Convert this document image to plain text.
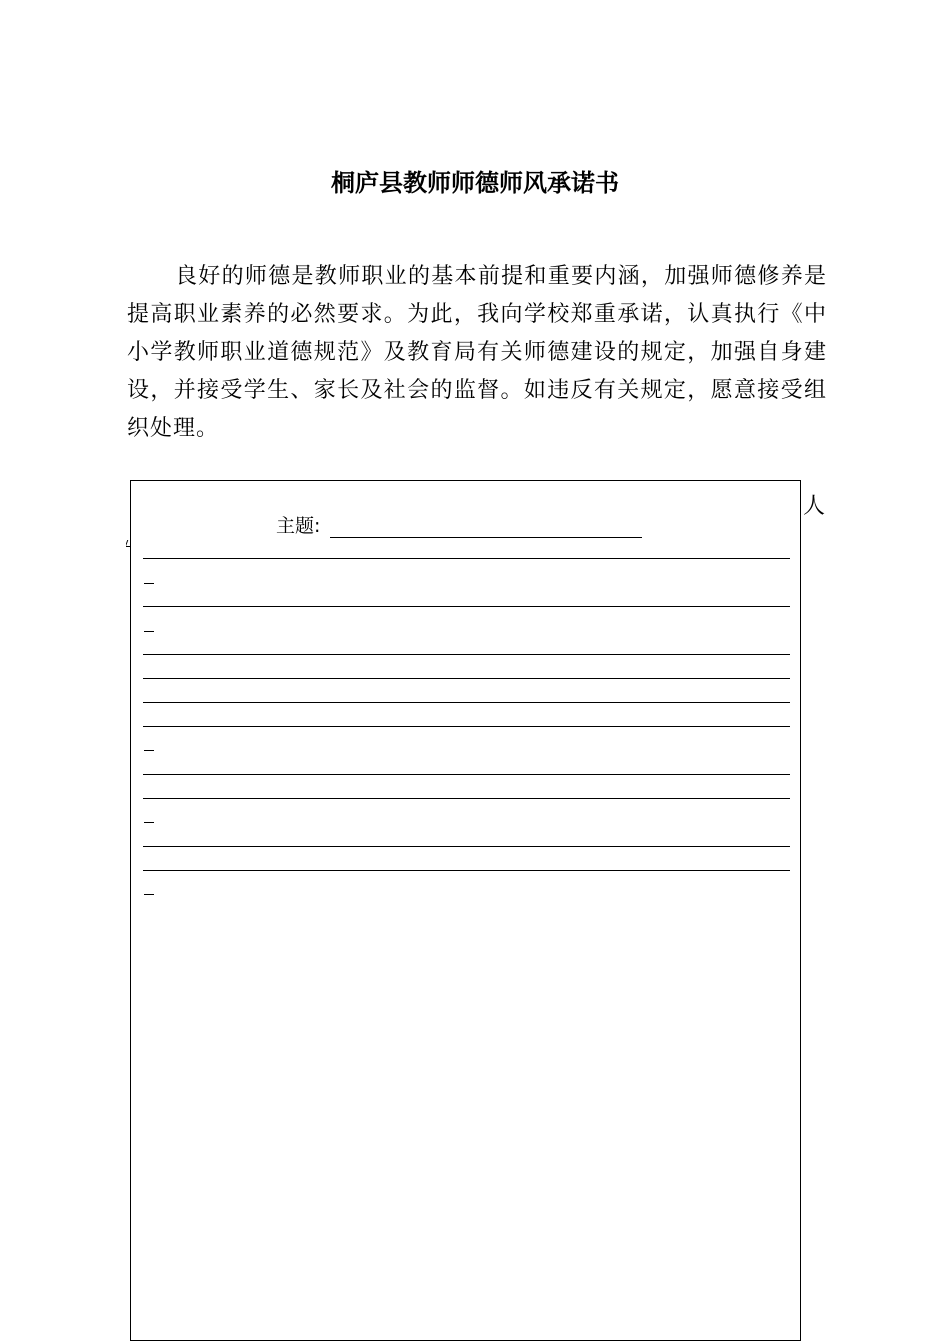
桐庐县教师师德师风承诺书
良好的师德是教师职业的基本前提和重要内涵，加强师德修养是提高职业素养的必然要求。为此，我向学校郑重承诺，认真执行《中小学教师职业道德规范》及教育局有关师德建设的规定，加强自身建设，并接受学生、家长及社会的监督。如违反有关规定，愿意接受组织处理。
人
主题:
